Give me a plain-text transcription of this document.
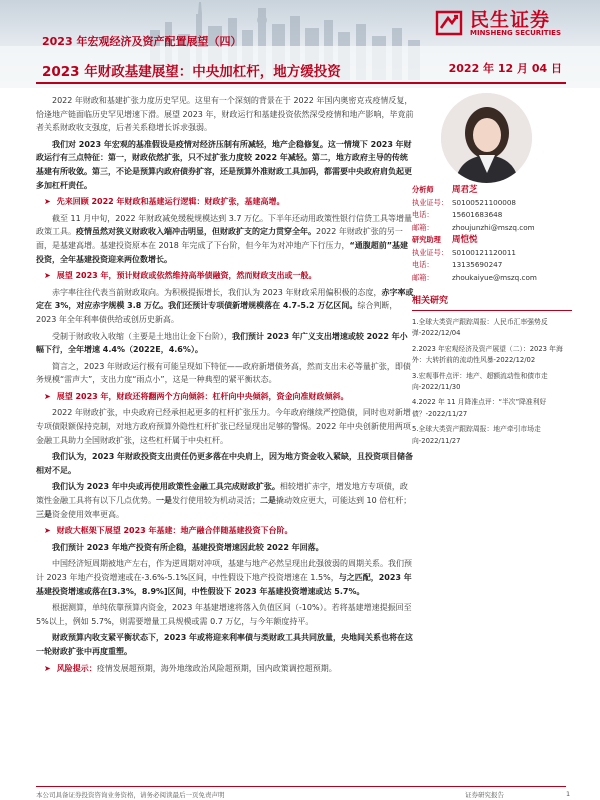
2023 年宏观经济及资产配置展望（四）
2023 年财政基建展望：中央加杠杆，地方缓投资	2022 年 12 月 04 日
民生证券
MINSHENG SECURITIES

2022 年财政和基建扩张力度历史罕见。这里有一个深刻的背景在于 2022 年国内奥密克戎疫情反复，恰逢地产链面临历史罕见增速下滑。展望 2023 年，财政运行和基建投资依然深受疫情和地产影响，毕竟前者关系财政收支强度，后者关系稳增长诉求强弱。

我们对 2023 年宏观的基准假设是疫情对经济压制有所减轻，地产企稳修复。这一情境下 2023 年财政运行有三点特征：第一，财政依然扩张，只不过扩张力度较 2022 年减轻。第二，地方政府主导的传统基建有所收敛。第三，不论是预算内政府债券扩容，还是预算外准财政工具加码，都需要中央政府肩负起更多加杠杆责任。

➤ 先来回顾 2022 年财政和基建运行逻辑：财政扩张，基建高增。

截至 11 月中旬，2022 年财政减免缓税规模达到 3.7 万亿。下半年还动用政策性银行信贷工具等增量政策工具。疫情虽然对狭义财政收入端冲击明显，但财政扩支的定力贯穿全年。2022 年财政扩张的另一面，是基建高增。基建投资原本在 2018 年完成了下台阶，但今年为对冲地产下行压力，“通腹超前”基建投资，全年基建投资迎来两位数增长。

➤ 展望 2023 年，预计财政或依然维持高举债融资，然而财政支出或一般。

赤字率往往代表当前财政取向。为积极提振增长，我们认为 2023 年财政采用偏积极的态度，赤字率或定在 3%，对应赤字规模 3.8 万亿。我们还预计专项债新增规模落在 4.7-5.2 万亿区间。综合判断，2023 年全年利率债供给或创历史新高。

受制于财政收入收缩（主要是土地出让金下台阶），我们预计 2023 年广义支出增速或较 2022 年小幅下行，全年增速 4.4%（2022E，4.6%）。

简言之，2023 年财政运行极有可能呈现如下特征——政府新增债务高，然而支出未必等量扩张，即债务规模“雷声大”，支出力度“雨点小”，这是一种典型的紧平衡状态。

➤ 展望 2023 年，财政还将翻两个方向倾斜：杠杆向中央倾斜，资金向准财政倾斜。

2022 年财政扩张，中央政府已经承担起更多的杠杆扩张压力。今年政府继续严控隐债，同时也对新增专项债限额保持克制，对地方政府预算外隐性杠杆扩张已经显现出足够的警惕。2022 年中央创新使用两项金融工具助力全国财政扩张，这些杠杆属于中央杠杆。

我们认为，2023 年财政投资支出责任仍更多落在中央肩上，因为地方资金收入紧缺，且投资项目储备相对不足。

我们认为 2023 年中央或再使用政策性金融工具完成财政扩张。相较增扩赤字，增发地方专项债，政策性金融工具将有以下几点优势。一是发行使用较为机动灵活；二是撬动效应更大，可能达到 10 倍杠杆；三是资金使用效率更高。

➤ 财政大框架下展望 2023 年基建：地产融合伴随基建投资下台阶。

我们预计 2023 年地产投资有所企稳，基建投资增速因此较 2022 年回落。

中国经济短周期被地产左右，作为逆周期对冲项，基建与地产必然呈现出此强彼弱的周期关系。我们预计 2023 年地产投资增速或在-3.6%-5.1%区间，中性假设下地产投资增速在 1.5%，与之匹配，2023 年基建投资增速或落在[3.3%，8.9%]区间，中性假设下 2023 年基建投资增速或达 5.7%。

根据测算，单纯依靠预算内资金，2023 年基建增速将落入负值区间（-10%）。若将基建增速提振回至 5%以上，例如 5.7%，则需要增量工具规模或需 0.7 万亿，与今年额度持平。

财政预算内收支紧平衡状态下，2023 年或将迎来利率债与类财政工具共同放量，央地间关系也将在这一轮财政扩张中再度重塑。

➤ 风险提示： 疫情发展超预期，海外地缘政治风险超预期，国内政策调控超预期。
分析师	周君芝
执业证号： S0100521100008
电话：	15601683648
邮箱：	zhoujunzhi@mszq.com
研究助理	周恺悦
执业证号： S0100121120011
电话：	13135690247
邮箱：	zhoukaiyue@mszq.com
相关研究
1.全球大类资产跟踪周报：人民币汇率强势反弹-2022/12/04
2.2023 年宏观经济及资产展望（二）：2023 年海外：大转折前的流动性风暴-2022/12/02
3.宏观事件点评：地产、超额流动性和债市走向-2022/11/30
4.2022 年 11 月降准点评：“半次”降准利好债？-2022/11/27
5.全球大类资产跟踪周报：地产牵引市场走向-2022/11/27
本公司具备证券投资咨询业务资格，请务必阅读最后一页免责声明	证券研究报告	1
